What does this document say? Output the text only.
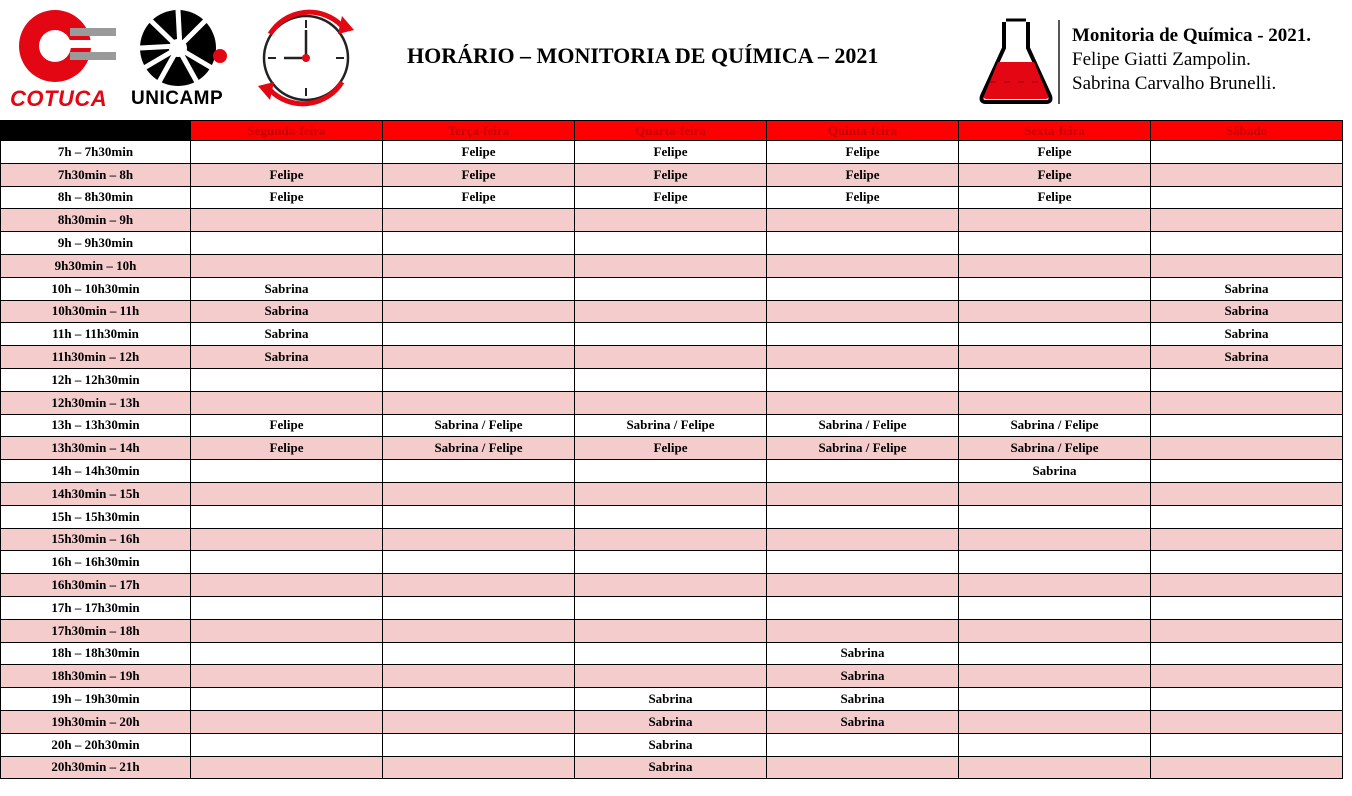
COTUCA UNICAMP
HORÁRIO – MONITORIA DE QUÍMICA – 2021
Monitoria de Química - 2021.
Felipe Giatti Zampolin.
Sabrina Carvalho Brunelli.
	Segunda-feira	Terça-feira	Quarta-feira	Quinta-feira	Sexta-feira	Sábado
7h – 7h30min		Felipe	Felipe	Felipe	Felipe	
7h30min – 8h	Felipe	Felipe	Felipe	Felipe	Felipe	
8h – 8h30min	Felipe	Felipe	Felipe	Felipe	Felipe	
8h30min – 9h						
9h – 9h30min						
9h30min – 10h						
10h – 10h30min	Sabrina					Sabrina
10h30min – 11h	Sabrina					Sabrina
11h – 11h30min	Sabrina					Sabrina
11h30min – 12h	Sabrina					Sabrina
12h – 12h30min						
12h30min – 13h						
13h – 13h30min	Felipe	Sabrina / Felipe	Sabrina / Felipe	Sabrina / Felipe	Sabrina / Felipe	
13h30min – 14h	Felipe	Sabrina / Felipe	Felipe	Sabrina / Felipe	Sabrina / Felipe	
14h – 14h30min					Sabrina	
14h30min – 15h						
15h – 15h30min						
15h30min – 16h						
16h – 16h30min						
16h30min – 17h						
17h – 17h30min						
17h30min – 18h						
18h – 18h30min				Sabrina		
18h30min – 19h				Sabrina		
19h – 19h30min			Sabrina	Sabrina		
19h30min – 20h			Sabrina	Sabrina		
20h – 20h30min			Sabrina			
20h30min – 21h			Sabrina			
